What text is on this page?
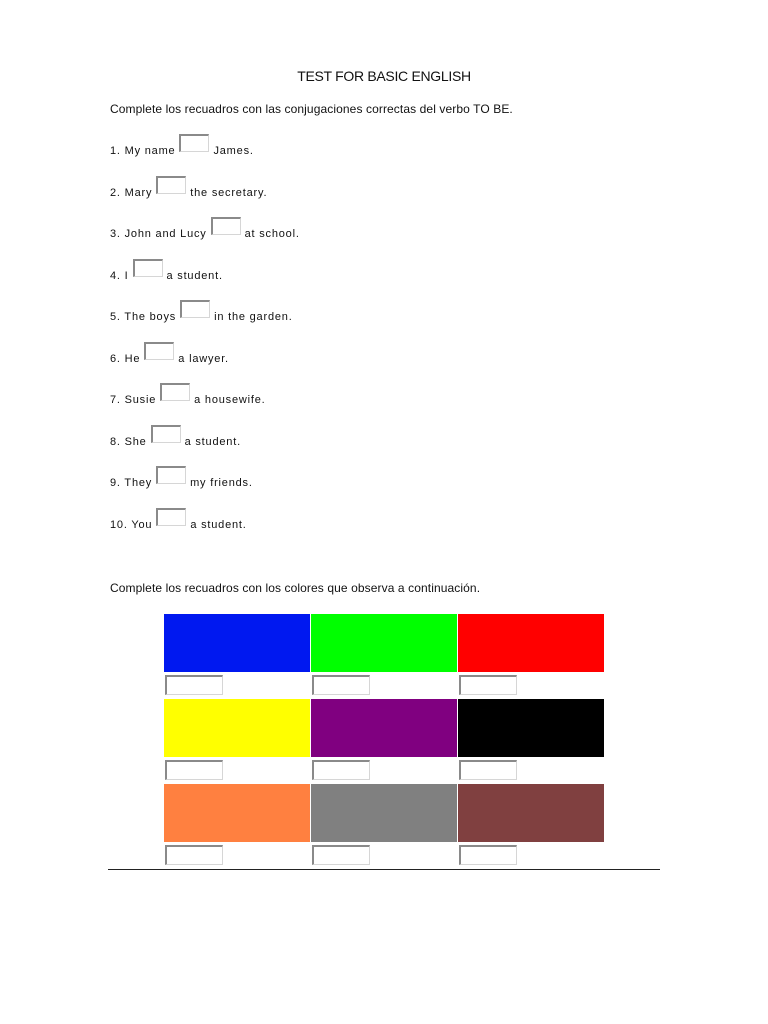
TEST FOR BASIC ENGLISH
Complete los recuadros con las conjugaciones correctas del verbo TO BE.
1. My name	James.
2. Mary	the secretary.
3. John and Lucy	at school.
4. I	a student.
5. The boys	in the garden.
6. He	a lawyer.
7. Susie	a housewife.
8. She	a student.
9. They	my friends.
10. You	a student.
Complete los recuadros con los colores que observa a continuación.
